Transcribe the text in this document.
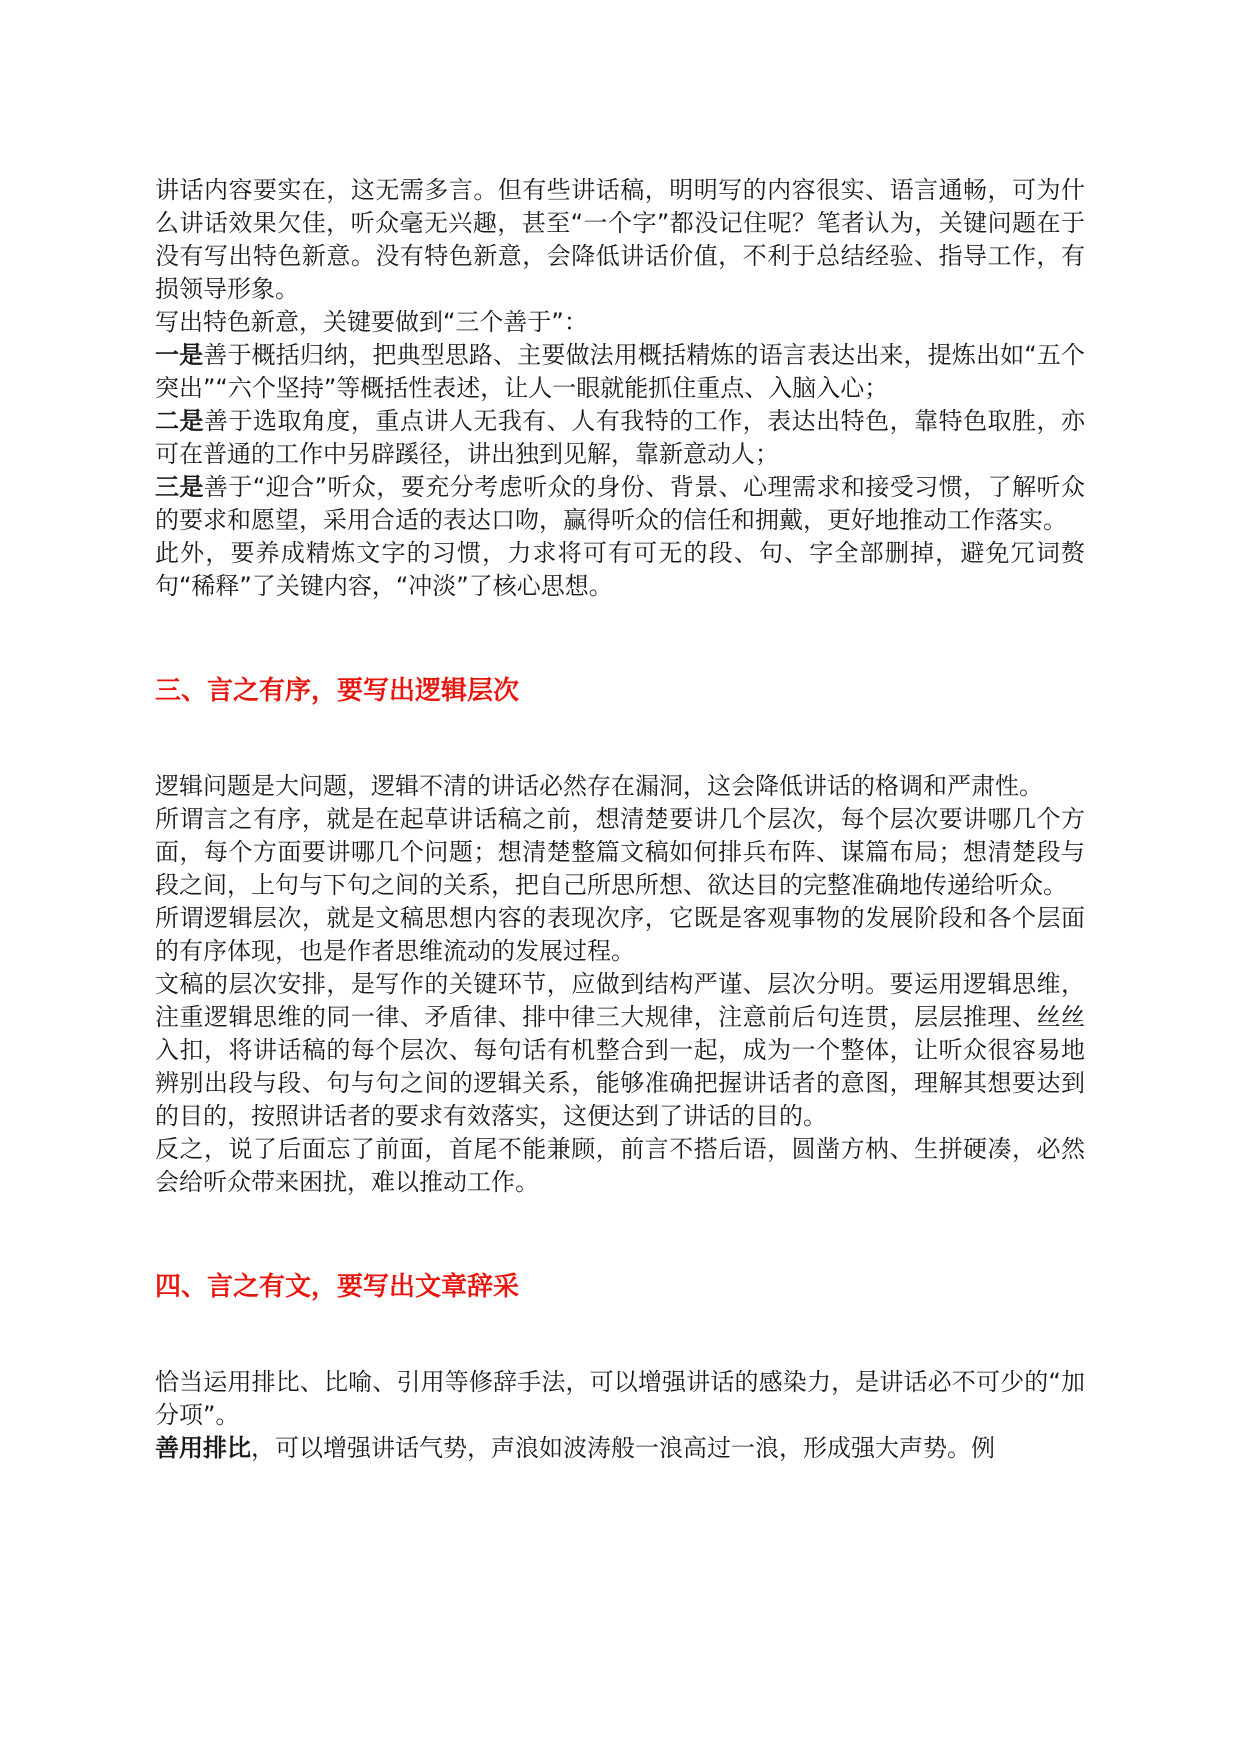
讲话内容要实在，这无需多言。但有些讲话稿，明明写的内容很实、语言通畅，可为什么讲话效果欠佳，听众毫无兴趣，甚至“一个字”都没记住呢？笔者认为，关键问题在于没有写出特色新意。没有特色新意，会降低讲话价值，不利于总结经验、指导工作，有损领导形象。

写出特色新意，关键要做到“三个善于”：

一是善于概括归纳，把典型思路、主要做法用概括精炼的语言表达出来，提炼出如“五个突出”“六个坚持”等概括性表述，让人一眼就能抓住重点、入脑入心；

二是善于选取角度，重点讲人无我有、人有我特的工作，表达出特色，靠特色取胜，亦可在普通的工作中另辟蹊径，讲出独到见解，靠新意动人；

三是善于“迎合”听众，要充分考虑听众的身份、背景、心理需求和接受习惯，了解听众的要求和愿望，采用合适的表达口吻，赢得听众的信任和拥戴，更好地推动工作落实。

此外，要养成精炼文字的习惯，力求将可有可无的段、句、字全部删掉，避免冗词赘句“稀释”了关键内容，“冲淡”了核心思想。

三、言之有序，要写出逻辑层次

逻辑问题是大问题，逻辑不清的讲话必然存在漏洞，这会降低讲话的格调和严肃性。

所谓言之有序，就是在起草讲话稿之前，想清楚要讲几个层次，每个层次要讲哪几个方面，每个方面要讲哪几个问题；想清楚整篇文稿如何排兵布阵、谋篇布局；想清楚段与段之间，上句与下句之间的关系，把自己所思所想、欲达目的完整准确地传递给听众。

所谓逻辑层次，就是文稿思想内容的表现次序，它既是客观事物的发展阶段和各个层面的有序体现，也是作者思维流动的发展过程。

文稿的层次安排，是写作的关键环节，应做到结构严谨、层次分明。要运用逻辑思维，注重逻辑思维的同一律、矛盾律、排中律三大规律，注意前后句连贯，层层推理、丝丝入扣，将讲话稿的每个层次、每句话有机整合到一起，成为一个整体，让听众很容易地辨别出段与段、句与句之间的逻辑关系，能够准确把握讲话者的意图，理解其想要达到的目的，按照讲话者的要求有效落实，这便达到了讲话的目的。

反之，说了后面忘了前面，首尾不能兼顾，前言不搭后语，圆凿方枘、生拼硬凑，必然会给听众带来困扰，难以推动工作。

四、言之有文，要写出文章辞采

恰当运用排比、比喻、引用等修辞手法，可以增强讲话的感染力，是讲话必不可少的“加分项”。

善用排比，可以增强讲话气势，声浪如波涛般一浪高过一浪，形成强大声势。例
